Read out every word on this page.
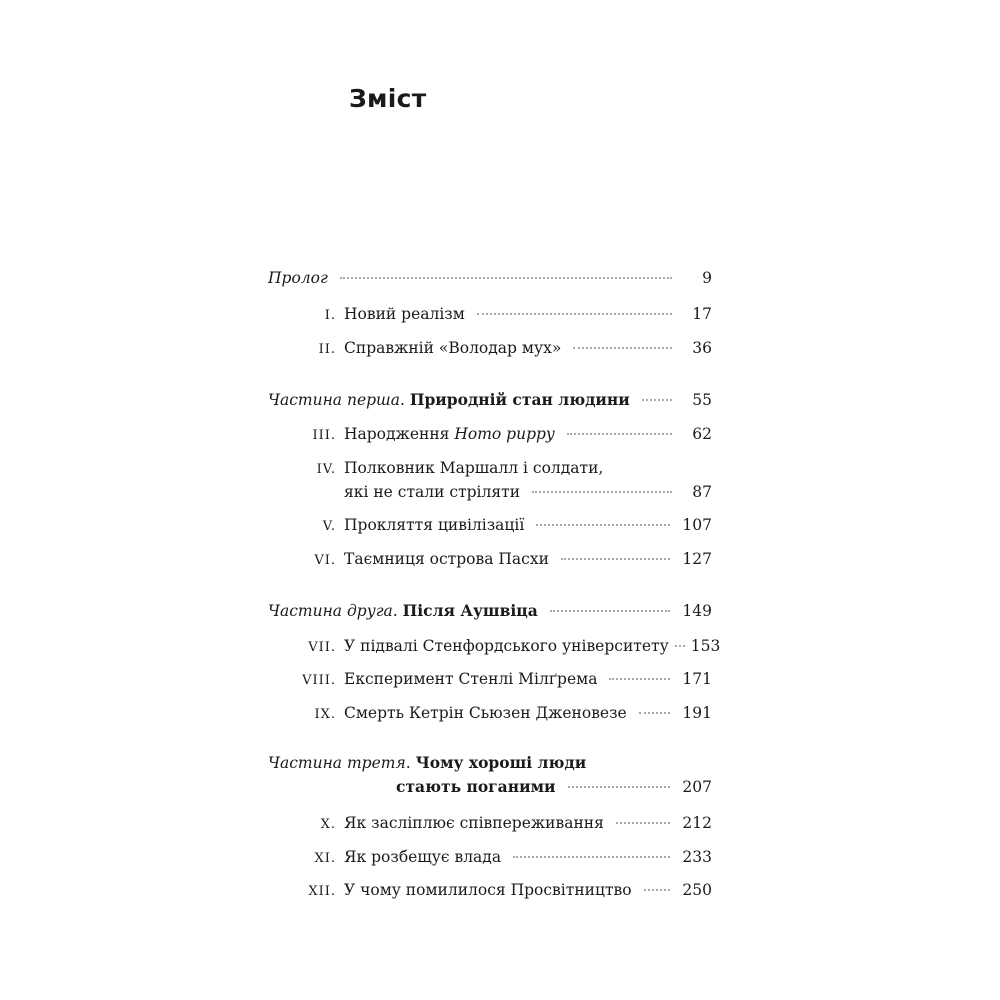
Зміст
Пролог	9
I. Новий реалізм	17
II. Справжній «Володар мух»	36
Частина перша. Природній стан людини	55
III. Народження Homo puppy	62
IV. Полковник Маршалл і солдати,
які не стали стріляти	87
V. Прокляття цивілізації	107
VI. Таємниця острова Пасхи	127
Частина друга. Після Аушвіца	149
VII. У підвалі Стенфордського університету 153
VIII. Експеримент Стенлі Мілґрема	171
IX. Смерть Кетрін Сьюзен Дженовезе	191
Частина третя. Чому хороші люди
стають поганими	207
X. Як засліплює співпереживання	212
XI. Як розбещує влада	233
XII. У чому помилилося Просвітництво	250
